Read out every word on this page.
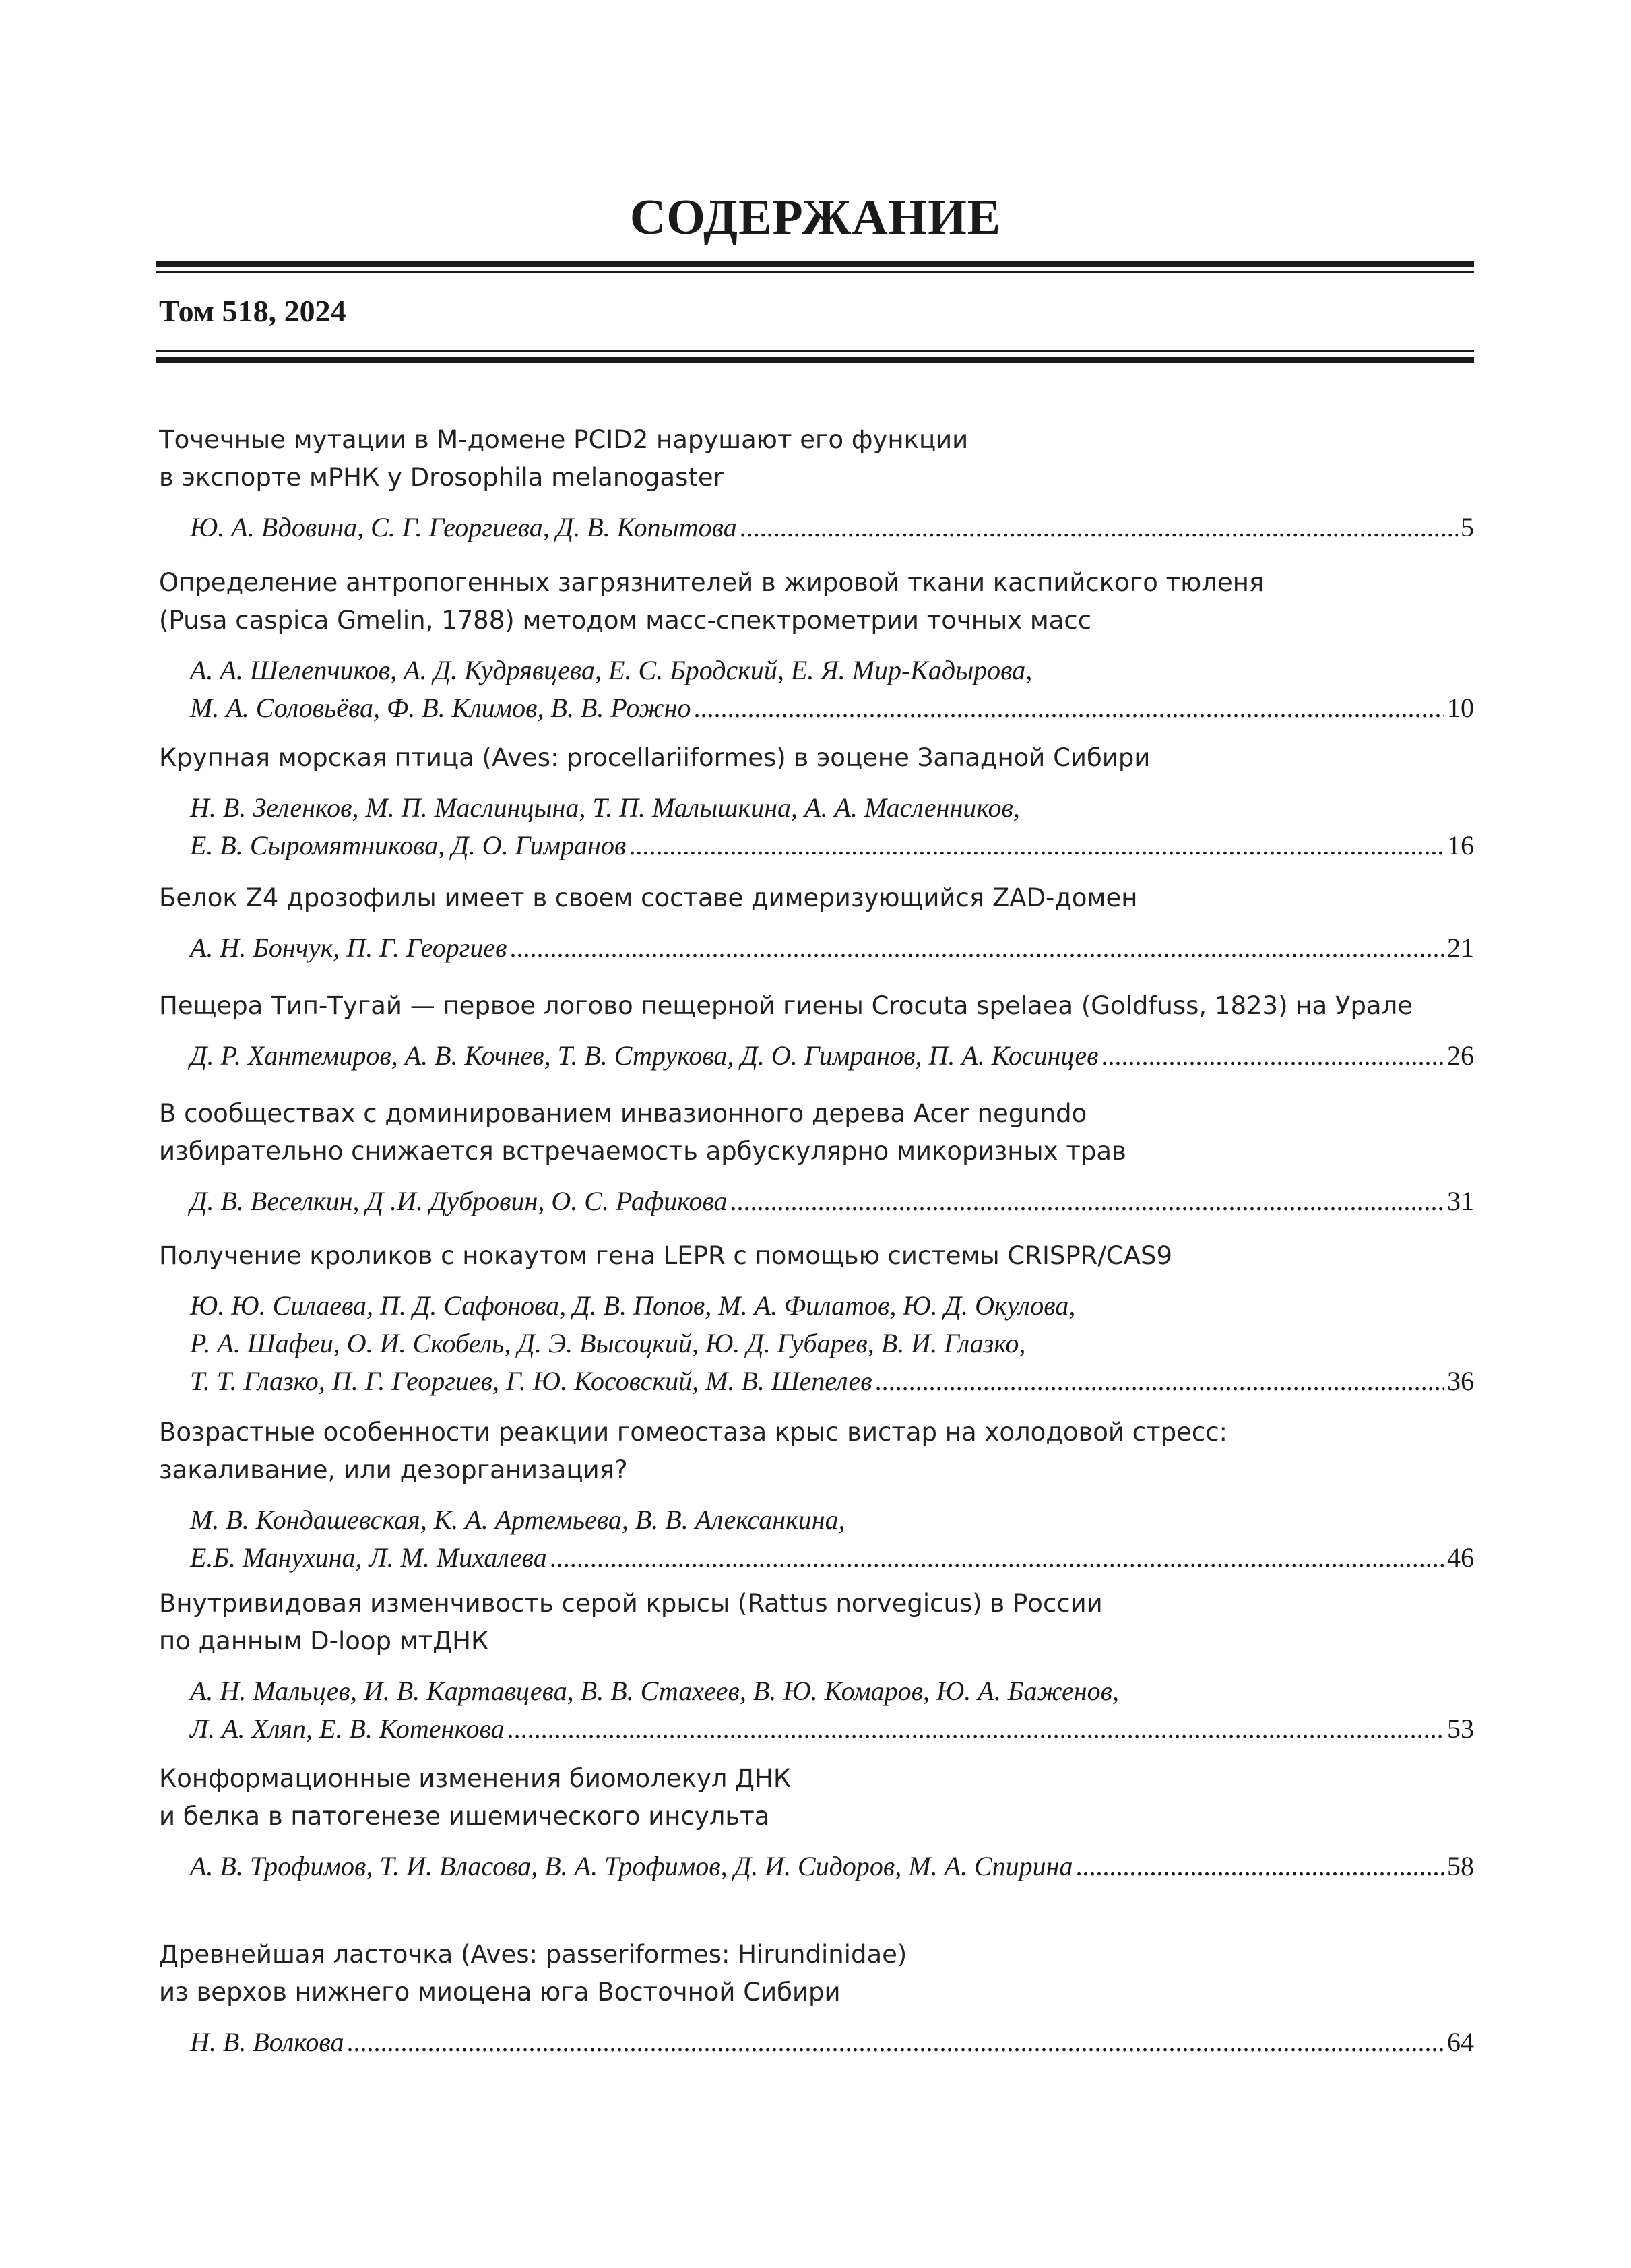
СОДЕРЖАНИЕ
Том 518, 2024
Точечные мутации в М-домене PCID2 нарушают его функции
в экспорте мРНК у Drosophila melanogaster
Ю. А. Вдовина, С. Г. Георгиева, Д. В. Копытова . . .	5
Определение антропогенных загрязнителей в жировой ткани каспийского тюленя
(Pusa caspica Gmelin, 1788) методом масс-спектрометрии точных масс
А. А. Шелепчиков, А. Д. Кудрявцева, Е. С. Бродский, Е. Я. Мир-Кадырова,
М. А. Соловьёва, Ф. В. Климов, В. В. Рожно . . .	10
Крупная морская птица (Aves: procellariiformes) в эоцене Западной Сибири
Н. В. Зеленков, М. П. Маслинцына, Т. П. Малышкина, А. А. Масленников,
Е. В. Сыромятникова, Д. О. Гимранов . . .	16
Белок Z4 дрозофилы имеет в своем составе димеризующийся ZAD-домен
А. Н. Бончук, П. Г. Георгиев . . .	21
Пещера Тип-Тугай — первое логово пещерной гиены Crocuta spelaea (Goldfuss, 1823) на Урале
Д. Р. Хантемиров, А. В. Кочнев, Т. В. Струкова, Д. О. Гимранов, П. А. Косинцев . . .	26
В сообществах с доминированием инвазионного дерева Acer negundo
избирательно снижается встречаемость арбускулярно микоризных трав
Д. В. Веселкин, Д .И. Дубровин, О. С. Рафикова . . .	31
Получение кроликов с нокаутом гена LEPR с помощью системы CRISPR/CAS9
Ю. Ю. Силаева, П. Д. Сафонова, Д. В. Попов, М. А. Филатов, Ю. Д. Окулова,
Р. А. Шафеи, О. И. Скобель, Д. Э. Высоцкий, Ю. Д. Губарев, В. И. Глазко,
Т. Т. Глазко, П. Г. Георгиев, Г. Ю. Косовский, М. В. Шепелев . . .	36
Возрастные особенности реакции гомеостаза крыс вистар на холодовой стресс:
закаливание, или дезорганизация?
М. В. Кондашевская, К. А. Артемьева, В. В. Алексанкина,
Е.Б. Манухина, Л. М. Михалева . . .	46
Внутривидовая изменчивость серой крысы (Rattus norvegicus) в России
по данным D-loop мтДНК
А. Н. Мальцев, И. В. Картавцева, В. В. Стахеев, В. Ю. Комаров, Ю. А. Баженов,
Л. А. Хляп, Е. В. Котенкова . . .	53
Конформационные изменения биомолекул ДНК
и белка в патогенезе ишемического инсульта
А. В. Трофимов, Т. И. Власова, В. А. Трофимов, Д. И. Сидоров, М. А. Спирина . . .	58
Древнейшая ласточка (Aves: passeriformes: Hirundinidae)
из верхов нижнего миоцена юга Восточной Сибири
Н. В. Волкова . . .	64
